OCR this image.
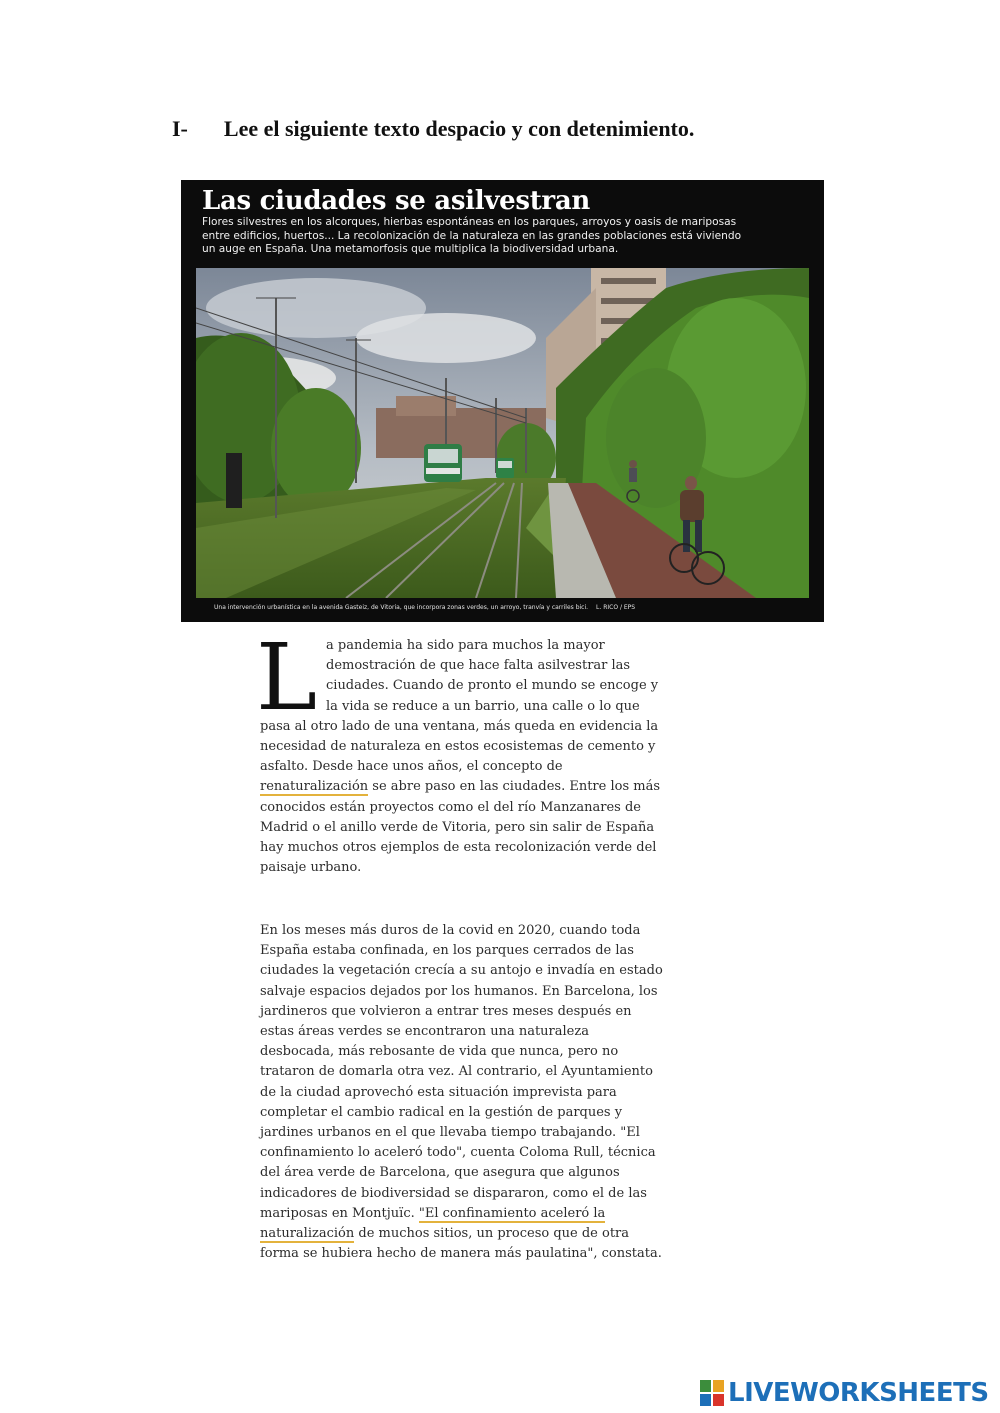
I- Lee el siguiente texto despacio y con detenimiento.
Las ciudades se asilvestran
Flores silvestres en los alcorques, hierbas espontáneas en los parques, arroyos y oasis de mariposas
entre edificios, huertos... La recolonización de la naturaleza en las grandes poblaciones está viviendo
un auge en España. Una metamorfosis que multiplica la biodiversidad urbana.
Una intervención urbanística en la avenida Gasteiz, de Vitoria, que incorpora zonas verdes, un arroyo, tranvía y carriles bici. L. RICO / EPS
L a pandemia ha sido para muchos la mayor
demostración de que hace falta asilvestrar las
ciudades. Cuando de pronto el mundo se encoge y
la vida se reduce a un barrio, una calle o lo que
pasa al otro lado de una ventana, más queda en evidencia la
necesidad de naturaleza en estos ecosistemas de cemento y
asfalto. Desde hace unos años, el concepto de
renaturalización se abre paso en las ciudades. Entre los más
conocidos están proyectos como el del río Manzanares de
Madrid o el anillo verde de Vitoria, pero sin salir de España
hay muchos otros ejemplos de esta recolonización verde del
paisaje urbano.
En los meses más duros de la covid en 2020, cuando toda
España estaba confinada, en los parques cerrados de las
ciudades la vegetación crecía a su antojo e invadía en estado
salvaje espacios dejados por los humanos. En Barcelona, los
jardineros que volvieron a entrar tres meses después en
estas áreas verdes se encontraron una naturaleza
desbocada, más rebosante de vida que nunca, pero no
trataron de domarla otra vez. Al contrario, el Ayuntamiento
de la ciudad aprovechó esta situación imprevista para
completar el cambio radical en la gestión de parques y
jardines urbanos en el que llevaba tiempo trabajando. "El
confinamiento lo aceleró todo", cuenta Coloma Rull, técnica
del área verde de Barcelona, que asegura que algunos
indicadores de biodiversidad se dispararon, como el de las
mariposas en Montjuïc. "El confinamiento aceleró la
naturalización de muchos sitios, un proceso que de otra
forma se hubiera hecho de manera más paulatina", constata.
LIVEWORKSHEETS
